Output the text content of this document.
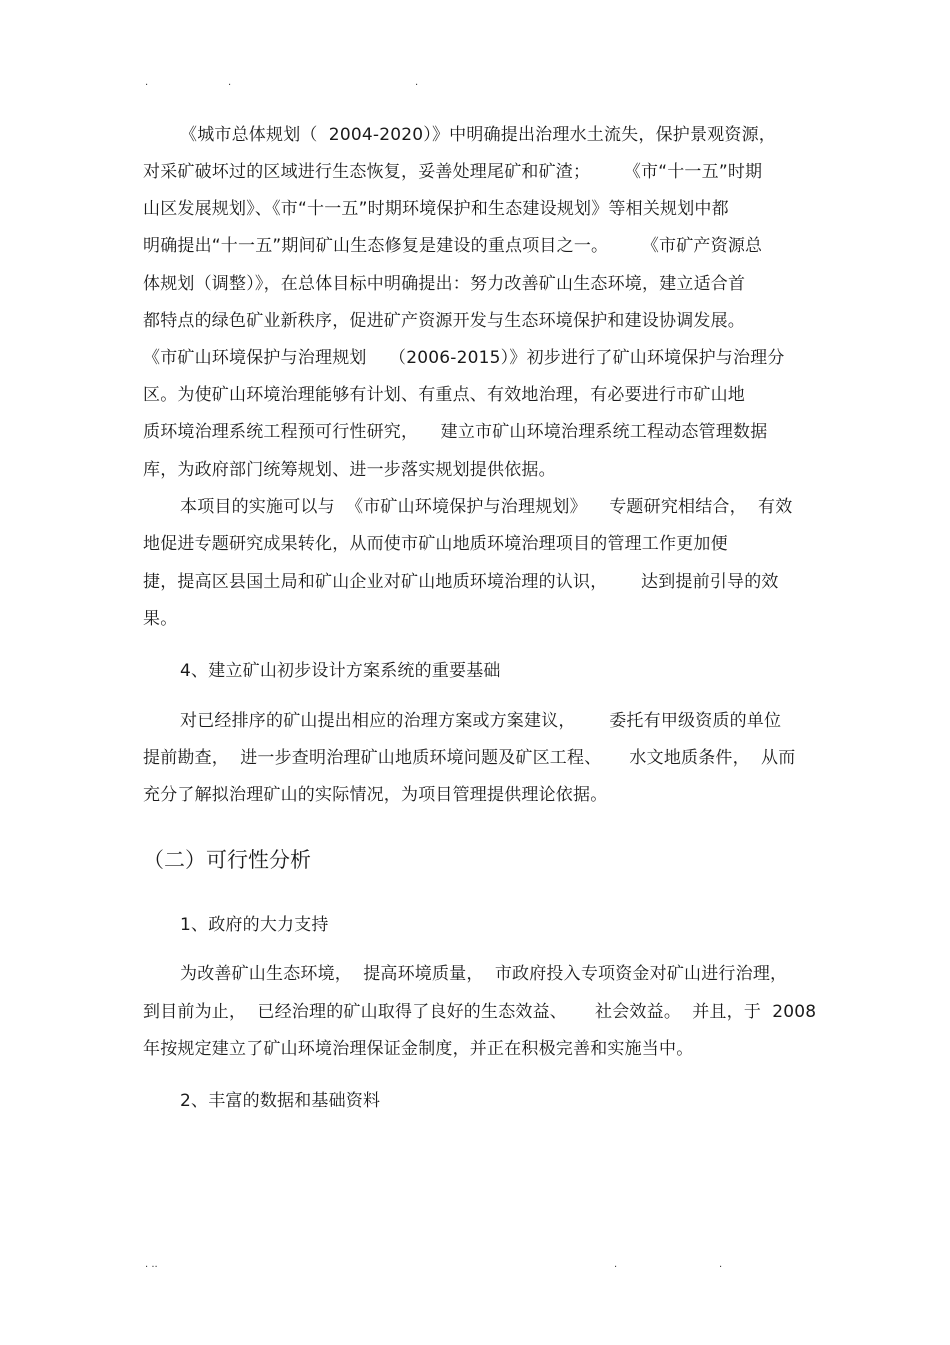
.	.	.
《城市总体规划（  2004-2020）》中明确提出治理水土流失，保护景观资源，
对采矿破坏过的区域进行生态恢复，妥善处理尾矿和矿渣；      《市“十一五”时期
山区发展规划》、《市“十一五”时期环境保护和生态建设规划》等相关规划中都
明确提出“十一五”期间矿山生态修复是建设的重点项目之一。      《市矿产资源总
体规划（调整）》，在总体目标中明确提出：努力改善矿山生态环境，建立适合首
都特点的绿色矿业新秩序，促进矿产资源开发与生态环境保护和建设协调发展。
《市矿山环境保护与治理规划    （2006-2015）》初步进行了矿山环境保护与治理分
区。为使矿山环境治理能够有计划、有重点、有效地治理，有必要进行市矿山地
质环境治理系统工程预可行性研究，    建立市矿山环境治理系统工程动态管理数据
库，为政府部门统筹规划、进一步落实规划提供依据。
本项目的实施可以与  《市矿山环境保护与治理规划》    专题研究相结合，  有效
地促进专题研究成果转化，从而使市矿山地质环境治理项目的管理工作更加便
捷，提高区县国土局和矿山企业对矿山地质环境治理的认识，      达到提前引导的效
果。
4、建立矿山初步设计方案系统的重要基础
对已经排序的矿山提出相应的治理方案或方案建议，      委托有甲级资质的单位
提前勘查，  进一步查明治理矿山地质环境问题及矿区工程、     水文地质条件，  从而
充分了解拟治理矿山的实际情况，为项目管理提供理论依据。
（二）可行性分析
1、政府的大力支持
为改善矿山生态环境，  提高环境质量，  市政府投入专项资金对矿山进行治理，
到目前为止，  已经治理的矿山取得了良好的生态效益、     社会效益。  并且，于  2008
年按规定建立了矿山环境治理保证金制度，并正在积极完善和实施当中。
2、丰富的数据和基础资料
. ..	.	.
